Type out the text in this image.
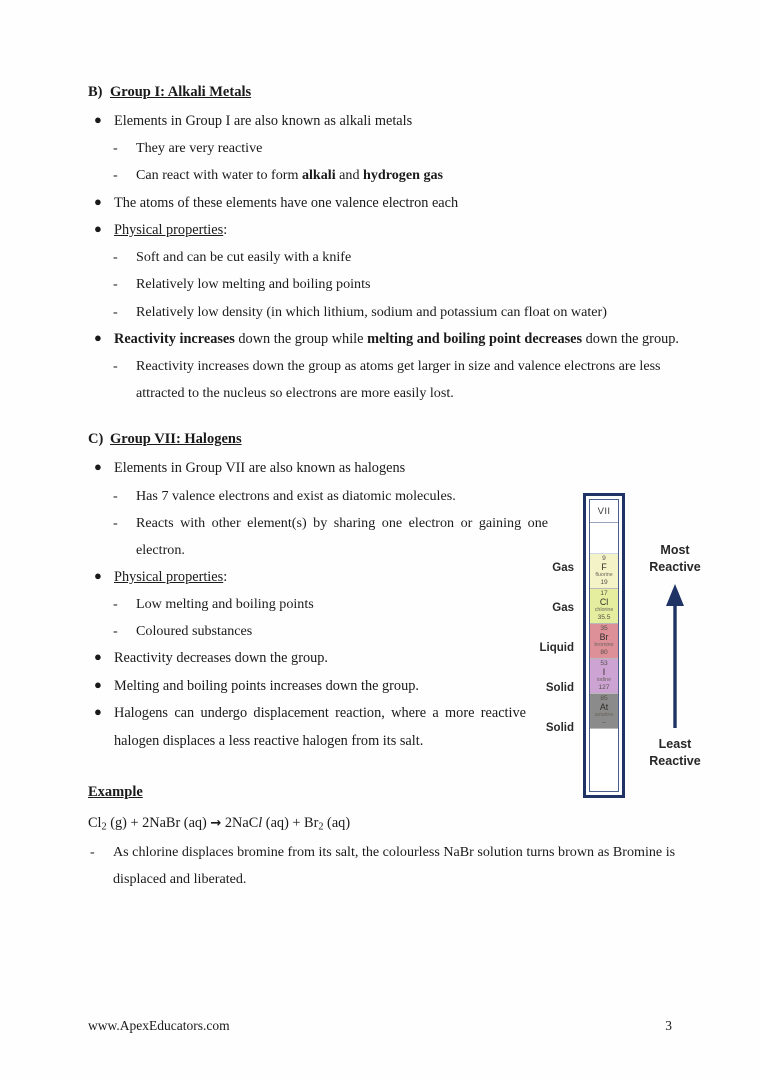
B) Group I: Alkali Metals
● Elements in Group I are also known as alkali metals
- They are very reactive
- Can react with water to form alkali and hydrogen gas
● The atoms of these elements have one valence electron each
● Physical properties:
- Soft and can be cut easily with a knife
- Relatively low melting and boiling points
- Relatively low density (in which lithium, sodium and potassium can float on water)
● Reactivity increases down the group while melting and boiling point decreases down the group.
- Reactivity increases down the group as atoms get larger in size and valence electrons are less attracted to the nucleus so electrons are more easily lost.
C) Group VII: Halogens
● Elements in Group VII are also known as halogens
- Has 7 valence electrons and exist as diatomic molecules.
- Reacts with other element(s) by sharing one electron or gaining one electron.
● Physical properties:
- Low melting and boiling points
- Coloured substances
● Reactivity decreases down the group.
● Melting and boiling points increases down the group.
● Halogens can undergo displacement reaction, where a more reactive halogen displaces a less reactive halogen from its salt.
Example
$Cl_2$ (g) + 2NaBr (aq) → 2NaCl $(aq) + Br_2$ (aq)
- As chlorine displaces bromine from its salt, the colourless NaBr solution turns brown as Bromine is displaced and liberated.
Gas
Gas
Liquid
Solid
Solid
VII
9
F
fluorine
19
17
Cl
chlorine
35.5
35
Br
bromine
80
53
I
iodine
127
85
At
astatine
–
Most
Reactive
Least
Reactive
www.ApexEducators.com	3
